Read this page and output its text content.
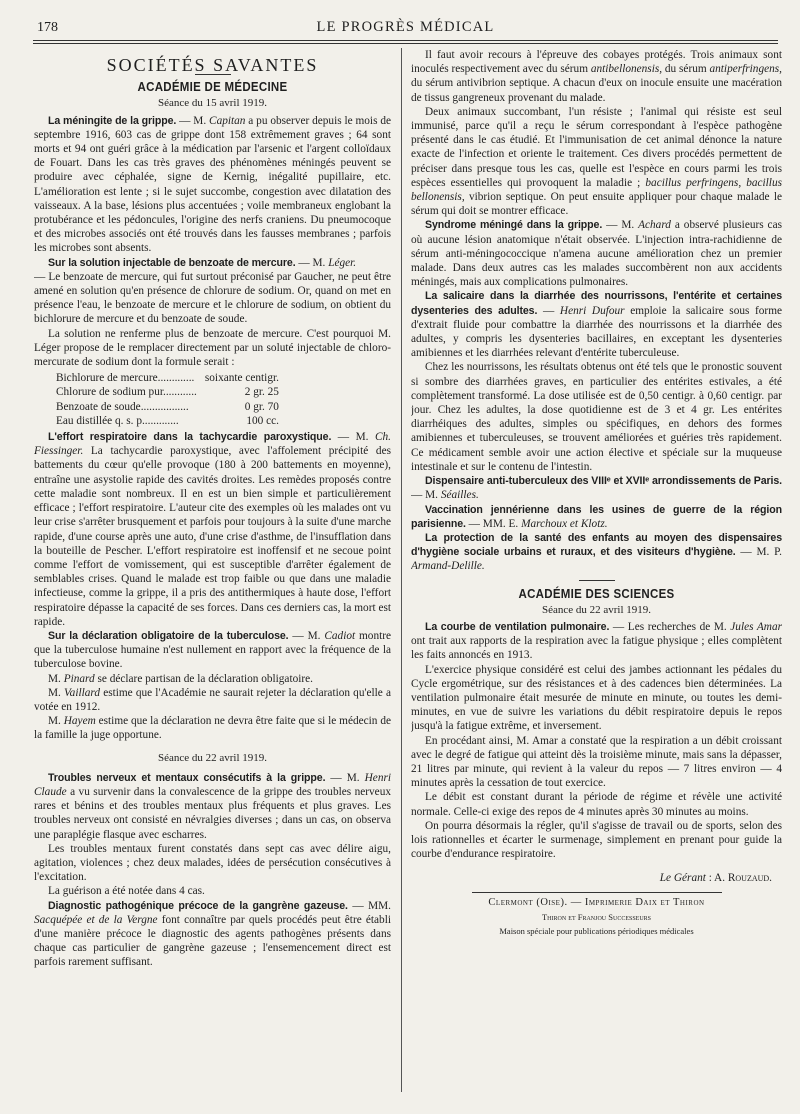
178	LE PROGRÈS MÉDICAL
SOCIÉTÉS SAVANTES
ACADÉMIE DE MÉDECINE

Séance du 15 avril 1919.

La méningite de la grippe. — M. Capitan a pu observer depuis le mois de septembre 1916, 603 cas de grippe dont 158 extrêmement graves ; 64 sont morts et 94 ont guéri grâce à la médication par l'arsenic et l'argent colloïdaux de Fouart. Dans les cas très graves des phénomènes méningés peuvent se produire avec céphalée, signe de Kernig, inégalité pupillaire, etc. L'amélioration est lente ; si le sujet succombe, congestion avec dilatation des vaisseaux. A la base, lésions plus accentuées ; voile membraneux englobant la protubérance et les pédoncules, l'origine des nerfs craniens. Du pneumocoque et des microbes associés ont été trouvés dans les fausses membranes ; parfois les microbes sont absents.

Sur la solution injectable de benzoate de mercure. — M. Léger.

— Le benzoate de mercure, qui fut surtout préconisé par Gaucher, ne peut être amené en solution qu'en présence de chlorure de sodium. Or, quand on met en présence l'eau, le benzoate de mercure et le chlorure de sodium, on obtient du bichlorure de mercure et du benzoate de soude.

La solution ne renferme plus de benzoate de mercure. C'est pourquoi M. Léger propose de le remplacer directement par un soluté injectable de chloro-mercurate de sodium dont la formule serait :

Bichlorure de mercure.............	soixante centigr.
Chlorure de sodium pur............	2 gr. 25
Benzoate de soude.................	0 gr. 70
Eau distillée q. s. p.............	100 cc.

L'effort respiratoire dans la tachycardie paroxystique. — M. Ch. Fiessinger. La tachycardie paroxystique, avec l'affolement précipité des battements du cœur qu'elle provoque (180 à 200 battements en moyenne), entraîne une asystolie rapide des cavités droites. Les remèdes proposés contre cette maladie sont nombreux. Il en est un bien simple et particulièrement efficace ; l'effort respiratoire. L'auteur cite des exemples où les malades ont vu leur crise s'arrêter brusquement et parfois pour toujours à la suite d'une marche rapide, d'une course après une auto, d'une crise d'asthme, de l'insufflation dans la bouteille de Pescher. L'effort respiratoire est inoffensif et ne secoue point comme l'effort de vomissement, qui est susceptible d'arrêter également de semblables crises. Quand le malade est trop faible ou que dans une maladie infectieuse, comme la grippe, il a pris des antithermiques à haute dose, l'effort respiratoire dépasse la capacité de ses forces. Dans ces derniers cas, la mort est rapide.

Sur la déclaration obligatoire de la tuberculose. — M. Cadiot montre que la tuberculose humaine n'est nullement en rapport avec la fréquence de la tuberculose bovine.

M. Pinard se déclare partisan de la déclaration obligatoire.

M. Vaillard estime que l'Académie ne saurait rejeter la déclaration qu'elle a votée en 1912.

M. Hayem estime que la déclaration ne devra être faite que si le médecin de la famille la juge opportune.

Séance du 22 avril 1919.

Troubles nerveux et mentaux consécutifs à la grippe. — M. Henri Claude a vu survenir dans la convalescence de la grippe des troubles nerveux rares et bénins et des troubles mentaux plus fréquents et plus graves. Les troubles nerveux ont consisté en névralgies diverses ; dans un cas, on observa une paraplégie flasque avec escharres.

Les troubles mentaux furent constatés dans sept cas avec délire aigu, agitation, violences ; chez deux malades, idées de persécution consécutives à l'excitation.

La guérison a été notée dans 4 cas.

Diagnostic pathogénique précoce de la gangrène gazeuse. — MM. Sacquépée et de la Vergne font connaître par quels procédés peut être établi d'une manière précoce le diagnostic des agents pathogènes présents dans chaque cas particulier de gangrène gazeuse ; l'ensemencement direct est parfois rarement suffisant.

Il faut avoir recours à l'épreuve des cobayes protégés. Trois animaux sont inoculés respectivement avec du sérum antibellonensis, du sérum antiperfringens, du sérum antivibrion septique. A chacun d'eux on inocule ensuite une macération de tissus gangreneux provenant du malade.

Deux animaux succombant, l'un résiste ; l'animal qui résiste est seul immunisé, parce qu'il a reçu le sérum correspondant à l'espèce pathogène présenté dans le cas étudié. Et l'immunisation de cet animal dénonce la nature exacte de l'infection et oriente le traitement. Ces divers procédés permettent de préciser dans presque tous les cas, quelle est l'espèce en cours parmi les trois espèces essentielles qui provoquent la maladie ; bacillus perfringens, bacillus bellonensis, vibrion septique. On peut ensuite appliquer pour chaque malade le sérum qui doit se montrer efficace.

Syndrome méningé dans la grippe. — M. Achard a observé plusieurs cas où aucune lésion anatomique n'était observée. L'injection intra-rachidienne de sérum anti-méningococcique n'amena aucune amélioration chez un premier malade. Dans deux autres cas les malades succombèrent non aux accidents méningés, mais aux complications pulmonaires.

La salicaire dans la diarrhée des nourrissons, l'entérite et certaines dysenteries des adultes. — Henri Dufour emploie la salicaire sous forme d'extrait fluide pour combattre la diarrhée des nourrissons et la diarrhée des adultes, y compris les dysenteries bacillaires, en exceptant les dysenteries amibiennes et les diarrhées relevant d'entérite tuberculeuse.

Chez les nourrissons, les résultats obtenus ont été tels que le pronostic souvent si sombre des diarrhées graves, en particulier des entérites estivales, a été complètement transformé. La dose utilisée est de 0,50 centigr. à 0,60 centigr. par jour. Chez les adultes, la dose quotidienne est de 3 et 4 gr. Les entérites diarrhéiques des adultes, simples ou spécifiques, en dehors des formes amibiennes et tuberculeuses, se trouvent améliorées et guéries très rapidement. Ce médicament semble avoir une action élective et spéciale sur la muqueuse intestinale et sur le contenu de l'intestin.

Dispensaire anti-tuberculeux des VIIIᵉ et XVIIᵉ arrondissements de Paris. — M. Séailles.

Vaccination jennérienne dans les usines de guerre de la région parisienne. — MM. E. Marchoux et Klotz.

La protection de la santé des enfants au moyen des dispensaires d'hygiène sociale urbains et ruraux, et des visiteurs d'hygiène. — M. P. Armand-Delille.

ACADÉMIE DES SCIENCES

Séance du 22 avril 1919.

La courbe de ventilation pulmonaire. — Les recherches de M. Jules Amar ont trait aux rapports de la respiration avec la fatigue physique ; elles complètent les faits annoncés en 1913.

L'exercice physique considéré est celui des jambes actionnant les pédales du Cycle ergométrique, sur des résistances et à des cadences bien déterminées. La ventilation pulmonaire était mesurée de minute en minute, ou toutes les demi-minutes, en vue de suivre les variations du débit respiratoire depuis le repos jusqu'à la fatigue extrême, et inversement.

En procédant ainsi, M. Amar a constaté que la respiration a un débit croissant avec le degré de fatigue qui atteint dès la troisième minute, mais sans la dépasser, 21 litres par minute, qui revient à la valeur du repos — 7 litres environ — 4 minutes après la cessation de tout exercice.

Le débit est constant durant la période de régime et révèle une activité normale. Celle-ci exige des repos de 4 minutes après 30 minutes au moins.

On pourra désormais la régler, qu'il s'agisse de travail ou de sports, selon des lois rationnelles et écarter le surmenage, simplement en prenant pour guide la courbe d'endurance respiratoire.

Le Gérant : A. Rouzaud.

Clermont (Oise). — Imprimerie Daix et Thiron

Thiron et Franjou Successeurs

Maison spéciale pour publications périodiques médicales
